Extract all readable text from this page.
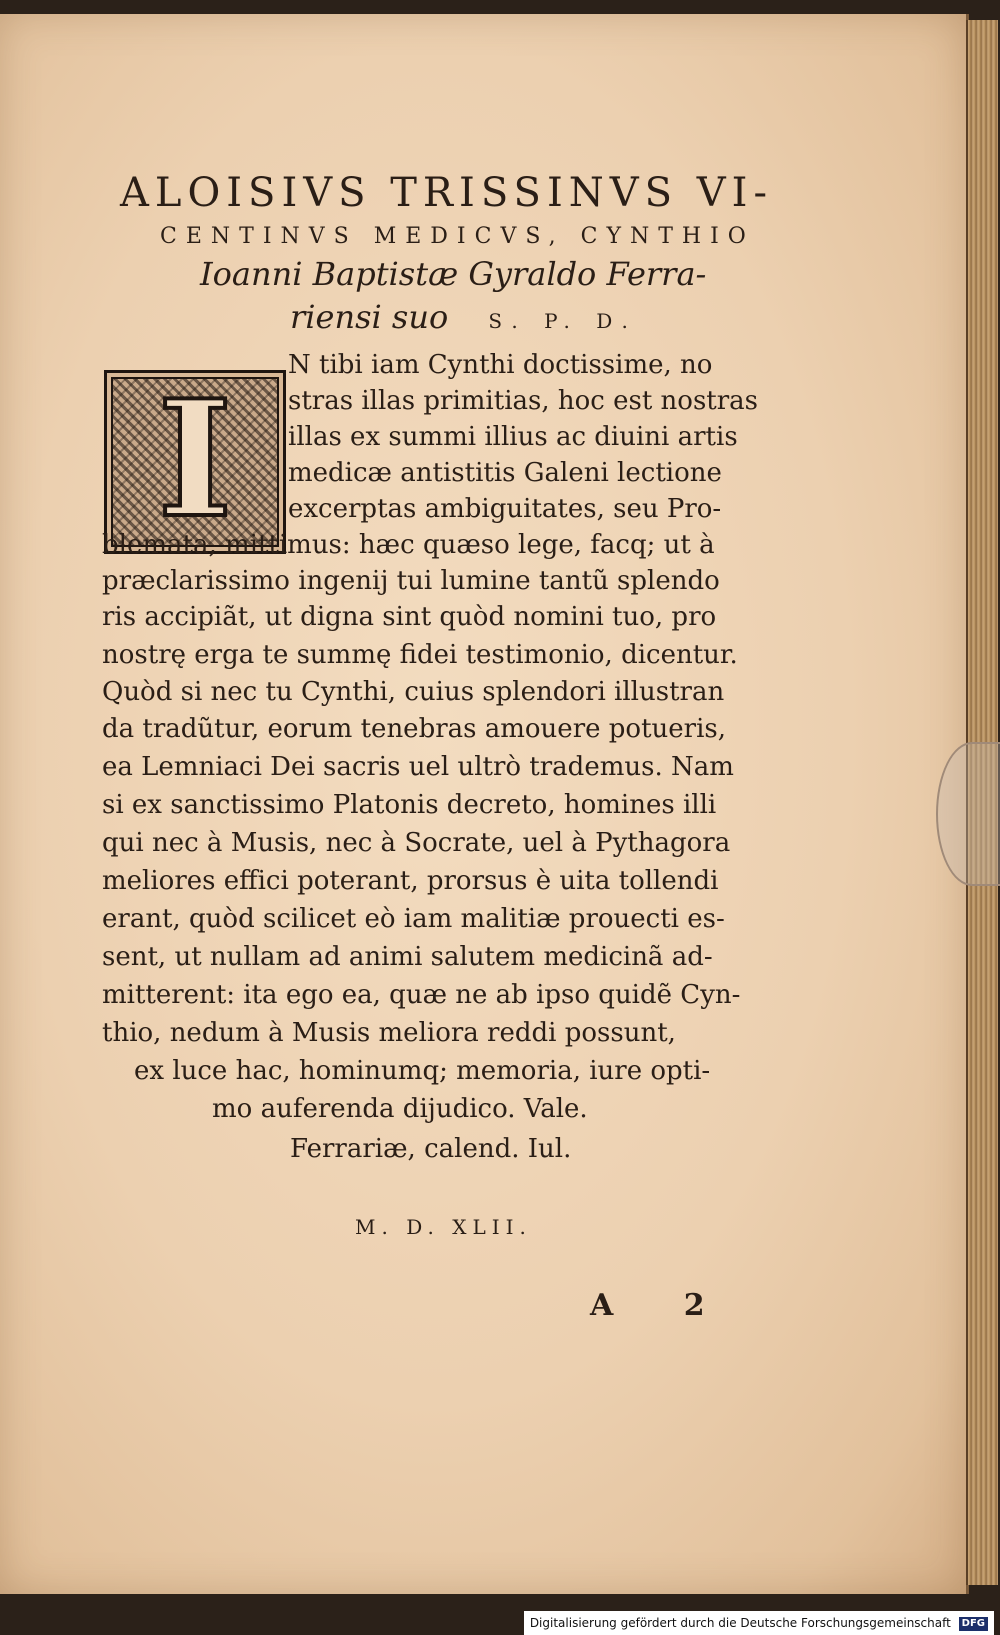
ALOISIVS TRISSINVS VI-
CENTINVS MEDICVS, CYNTHIO
Ioanni Baptistæ Gyraldo Ferra-
riensi suo S. P. D.
I	N tibi iam Cynthi doctissime, no
stras illas primitias, hoc est nostras
illas ex summi illius ac diuini artis
medicæ antistitis Galeni lectione
excerptas ambiguitates, seu Pro-
blemata, mittimus: hæc quæso lege, facq; ut à
præclarissimo ingenij tui lumine tantũ splendo
ris accipiãt, ut digna sint quòd nomini tuo, pro
nostrę erga te summę fidei testimonio, dicentur.
Quòd si nec tu Cynthi, cuius splendori illustran
da tradũtur, eorum tenebras amouere potueris,
ea Lemniaci Dei sacris uel ultrò trademus. Nam
si ex sanctissimo Platonis decreto, homines illi
qui nec à Musis, nec à Socrate, uel à Pythagora
meliores effici poterant, prorsus è uita tollendi
erant, quòd scilicet eò iam malitiæ prouecti es-
sent, ut nullam ad animi salutem medicinã ad-
mitterent: ita ego ea, quæ ne ab ipso quidẽ Cyn-
thio, nedum à Musis meliora reddi possunt,
ex luce hac, hominumq; memoria, iure opti-
mo auferenda dijudico. Vale.
Ferrariæ, calend. Iul.
M. D. XLII.
A 2
Digitalisierung gefördert durch die Deutsche Forschungsgemeinschaft DFG
